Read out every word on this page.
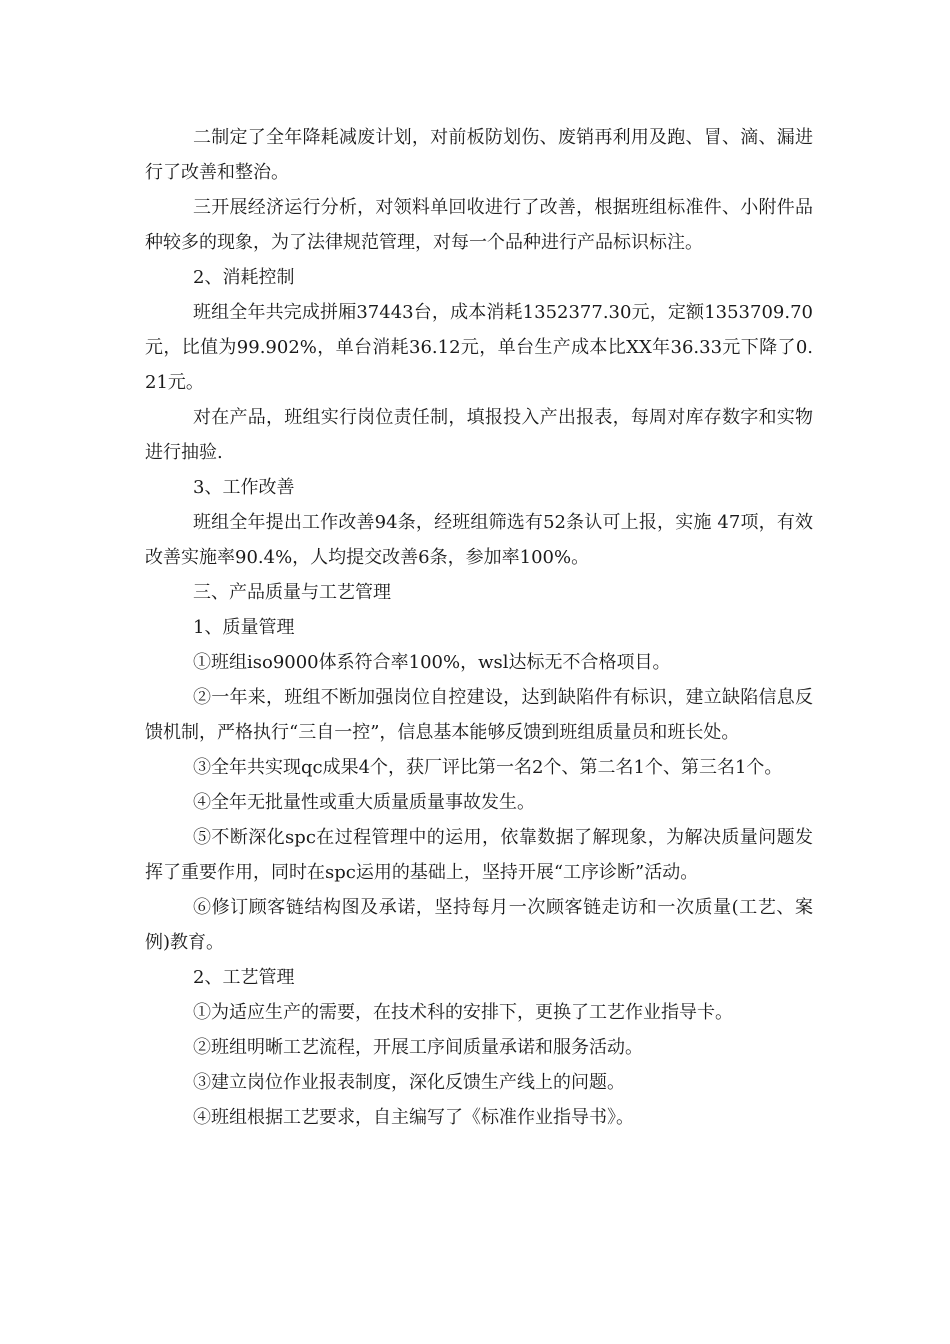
二制定了全年降耗减废计划，对前板防划伤、废销再利用及跑、冒、滴、漏进行了改善和整治。

三开展经济运行分析，对领料单回收进行了改善，根据班组标准件、小附件品种较多的现象，为了法律规范管理，对每一个品种进行产品标识标注。

2、消耗控制

班组全年共完成拼厢37443台，成本消耗1352377.30元，定额1353709.70元，比值为99.902%，单台消耗36.12元，单台生产成本比XX年36.33元下降了0.21元。

对在产品，班组实行岗位责任制，填报投入产出报表，每周对库存数字和实物进行抽验.

3、工作改善

班组全年提出工作改善94条，经班组筛选有52条认可上报，实施 47项，有效改善实施率90.4%，人均提交改善6条，参加率100%。

三、产品质量与工艺管理

1、质量管理

①班组iso9000体系符合率100%，wsl达标无不合格项目。

②一年来，班组不断加强岗位自控建设，达到缺陷件有标识，建立缺陷信息反馈机制，严格执行“三自一控”，信息基本能够反馈到班组质量员和班长处。

③全年共实现qc成果4个，获厂评比第一名2个、第二名1个、第三名1个。

④全年无批量性或重大质量质量事故发生。

⑤不断深化spc在过程管理中的运用，依靠数据了解现象，为解决质量问题发挥了重要作用，同时在spc运用的基础上，坚持开展“工序诊断”活动。

⑥修订顾客链结构图及承诺，坚持每月一次顾客链走访和一次质量(工艺、案例)教育。

2、工艺管理

①为适应生产的需要，在技术科的安排下，更换了工艺作业指导卡。

②班组明晰工艺流程，开展工序间质量承诺和服务活动。

③建立岗位作业报表制度，深化反馈生产线上的问题。

④班组根据工艺要求，自主编写了《标准作业指导书》。
